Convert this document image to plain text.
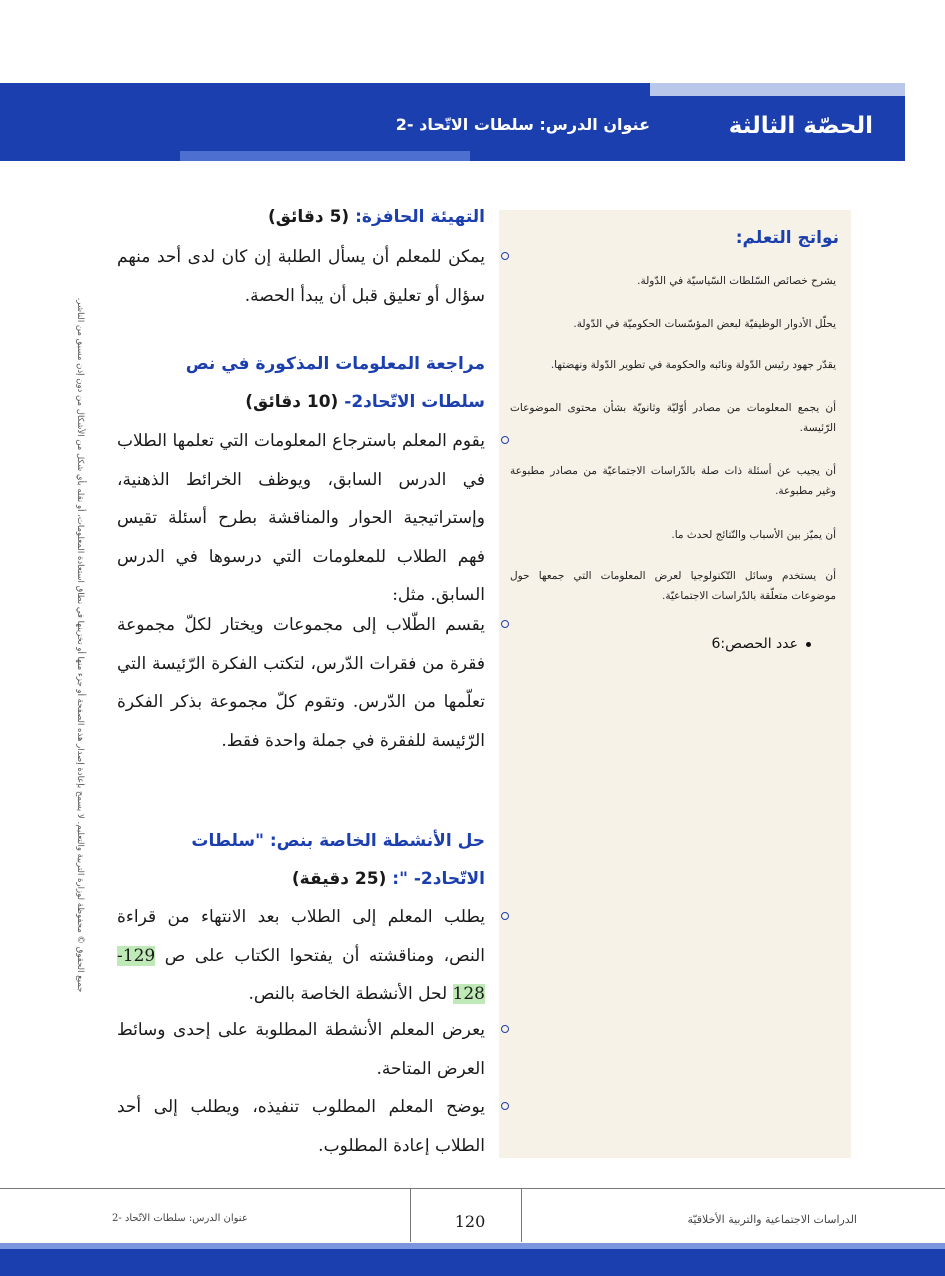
الحصّة الثالثة
عنوان الدرس: سلطات الاتّحاد -2
نواتج التعلم:
يشرح خصائص السّلطات السّياسيّة في الدّولة.
يحلّل الأدوار الوظيفيّة لبعض المؤسّسات الحكوميّة في الدّولة.
يقدّر جهود رئيس الدّولة ونائبه والحكومة في تطوير الدّولة ونهضتها.
أن يجمع المعلومات من مصادر أوّليّة وثانويّة بشأن محتوى الموضوعات الرّئيسة.
أن يجيب عن أسئلة ذات صلة بالدّراسات الاجتماعيّة من مصادر مطبوعة وغير مطبوعة.
أن يميّز بين الأسباب والنّتائج لحدث ما.
أن يستخدم وسائل التّكنولوجيا لعرض المعلومات التي جمعها حول موضوعات متعلّقة بالدّراسات الاجتماعيّة.
عدد الحصص:6
التهيئة الحافزة: (5 دقائق)
يمكن للمعلم أن يسأل الطلبة إن كان لدى أحد منهم سؤال أو تعليق قبل أن يبدأ الحصة.
مراجعة المعلومات المذكورة في نص سلطات الاتّحاد2- (10 دقائق)
يقوم المعلم باسترجاع المعلومات التي تعلمها الطلاب في الدرس السابق، ويوظف الخرائط الذهنية، وإستراتيجية الحوار والمناقشة بطرح أسئلة تقيس فهم الطلاب للمعلومات التي درسوها في الدرس السابق. مثل:
يقسم الطّلاب إلى مجموعات ويختار لكلّ مجموعة فقرة من فقرات الدّرس، لتكتب الفكرة الرّئيسة التي تعلّمها من الدّرس. وتقوم كلّ مجموعة بذكر الفكرة الرّئيسة للفقرة في جملة واحدة فقط.
حل الأنشطة الخاصة بنص: "سلطات الاتّحاد2- ": (25 دقيقة)
يطلب المعلم إلى الطلاب بعد الانتهاء من قراءة النص، ومناقشته أن يفتحوا الكتاب على ص 129-128 لحل الأنشطة الخاصة بالنص.
يعرض المعلم الأنشطة المطلوبة على إحدى وسائط العرض المتاحة.
يوضح المعلم المطلوب تنفيذه، ويطلب إلى أحد الطلاب إعادة المطلوب.
جميع الحقوق © محفوظة لوزارة التربية والتعليم. لا يسمح بإعادة إصدار هذه الصفحة أو جزء منها أو تخزينها في نطاق استعادة المعلومات، أو نقله بأي شكل من الأشكال من دون إذن مسبق من الناشر.
120	الدراسات الاجتماعية والتربية الأخلاقيّة
عنوان الدرس: سلطات الاتّحاد -2
